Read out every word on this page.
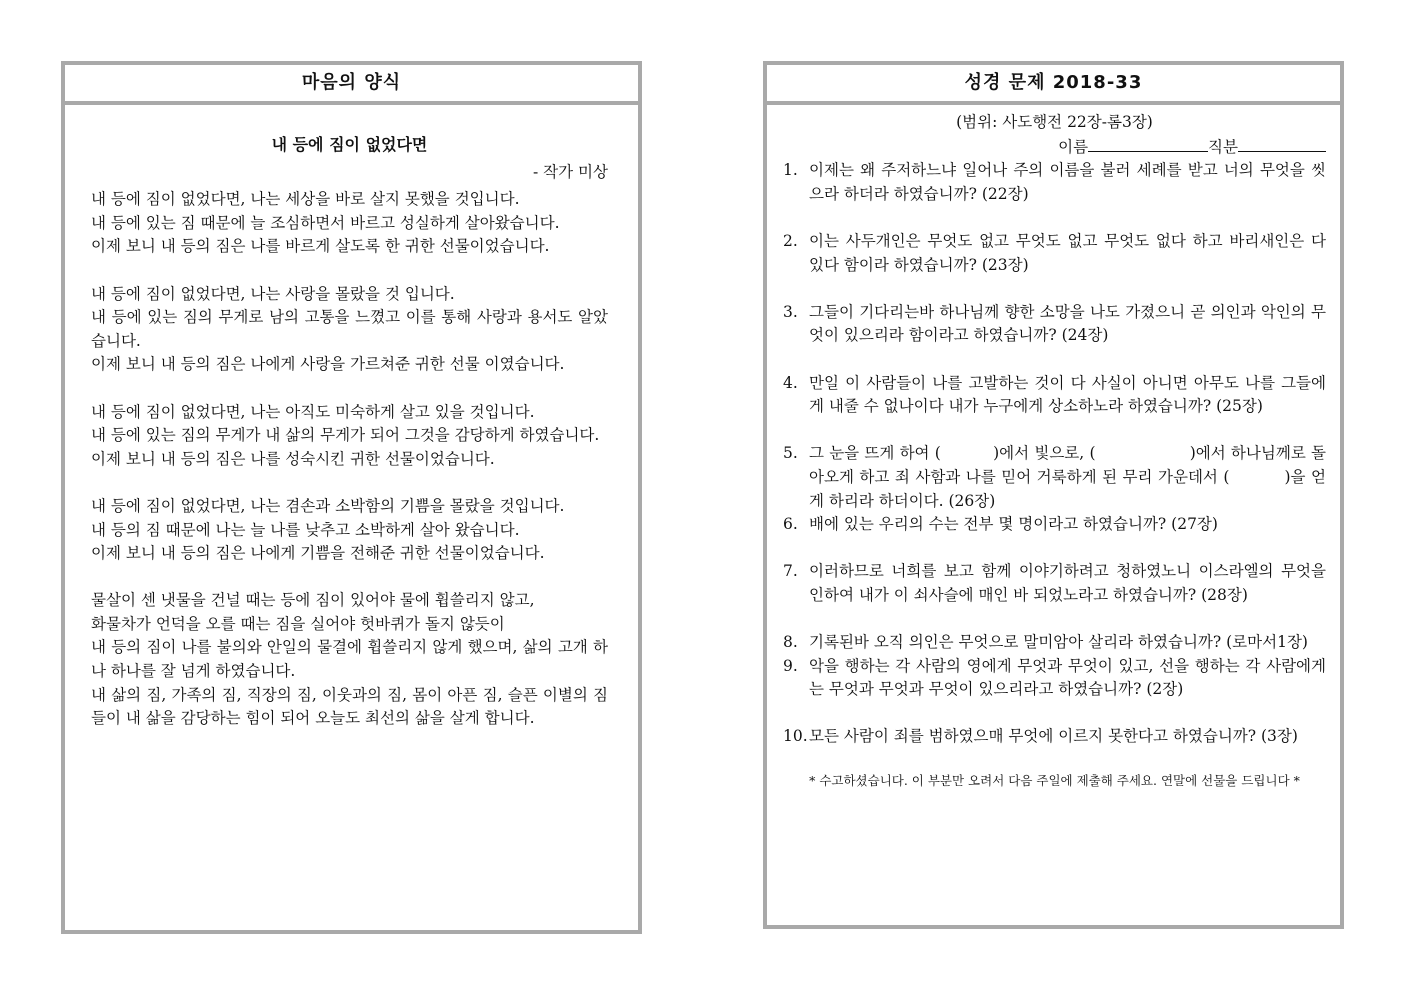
마음의 양식
내 등에 짐이 없었다면
- 작가 미상

내 등에 짐이 없었다면, 나는 세상을 바로 살지 못했을 것입니다.

내 등에 있는 짐 때문에 늘 조심하면서 바르고 성실하게 살아왔습니다.

이제 보니 내 등의 짐은 나를 바르게 살도록 한 귀한 선물이었습니다.

내 등에 짐이 없었다면, 나는 사랑을 몰랐을 것 입니다.

내 등에 있는 짐의 무게로 남의 고통을 느꼈고 이를 통해 사랑과 용서도 알았습니다.

이제 보니 내 등의 짐은 나에게 사랑을 가르쳐준 귀한 선물 이였습니다.

내 등에 짐이 없었다면, 나는 아직도 미숙하게 살고 있을 것입니다.

내 등에 있는 짐의 무게가 내 삶의 무게가 되어 그것을 감당하게 하였습니다.

이제 보니 내 등의 짐은 나를 성숙시킨 귀한 선물이었습니다.

내 등에 짐이 없었다면, 나는 겸손과 소박함의 기쁨을 몰랐을 것입니다.

내 등의 짐 때문에 나는 늘 나를 낮추고 소박하게 살아 왔습니다.

이제 보니 내 등의 짐은 나에게 기쁨을 전해준 귀한 선물이었습니다.

물살이 센 냇물을 건널 때는 등에 짐이 있어야 물에 휩쓸리지 않고,

화물차가 언덕을 오를 때는 짐을 실어야 헛바퀴가 돌지 않듯이

내 등의 짐이 나를 불의와 안일의 물결에 휩쓸리지 않게 했으며, 삶의 고개 하나 하나를 잘 넘게 하였습니다.

내 삶의 짐, 가족의 짐, 직장의 짐, 이웃과의 짐, 몸이 아픈 짐, 슬픈 이별의 짐들이 내 삶을 감당하는 힘이 되어 오늘도 최선의 삶을 살게 합니다.

성경 문제 2018-33
(범위: 사도행전 22장-롬3장)
이름	직분
1. 이제는 왜 주저하느냐 일어나 주의 이름을 불러 세례를 받고 너의 무엇을 씻으라 하더라 하였습니까? (22장)
2. 이는 사두개인은 무엇도 없고 무엇도 없고 무엇도 없다 하고 바리새인은 다 있다 함이라 하였습니까? (23장)
3. 그들이 기다리는바 하나님께 향한 소망을 나도 가졌으니 곧 의인과 악인의 무엇이 있으리라 함이라고 하였습니까? (24장)
4. 만일 이 사람들이 나를 고발하는 것이 다 사실이 아니면 아무도 나를 그들에게 내줄 수 없나이다 내가 누구에게 상소하노라 하였습니까? (25장)
5. 그 눈을 뜨게 하여 (          )에서 빛으로, (                  )에서 하나님께로 돌아오게 하고 죄 사함과 나를 믿어 거룩하게 된 무리 가운데서 (          )을 얻게 하리라 하더이다. (26장)
6. 배에 있는 우리의 수는 전부 몇 명이라고 하였습니까? (27장)
7. 이러하므로 너희를 보고 함께 이야기하려고 청하였노니 이스라엘의 무엇을 인하여 내가 이 쇠사슬에 매인 바 되었노라고 하였습니까? (28장)
8. 기록된바 오직 의인은 무엇으로 말미암아 살리라 하였습니까? (로마서1장)
9. 악을 행하는 각 사람의 영에게 무엇과 무엇이 있고, 선을 행하는 각 사람에게는 무엇과 무엇과 무엇이 있으리라고 하였습니까? (2장)
10. 모든 사람이 죄를 범하였으매 무엇에 이르지 못한다고 하였습니까? (3장)
* 수고하셨습니다. 이 부분만 오려서 다음 주일에 제출해 주세요. 연말에 선물을 드립니다 *
